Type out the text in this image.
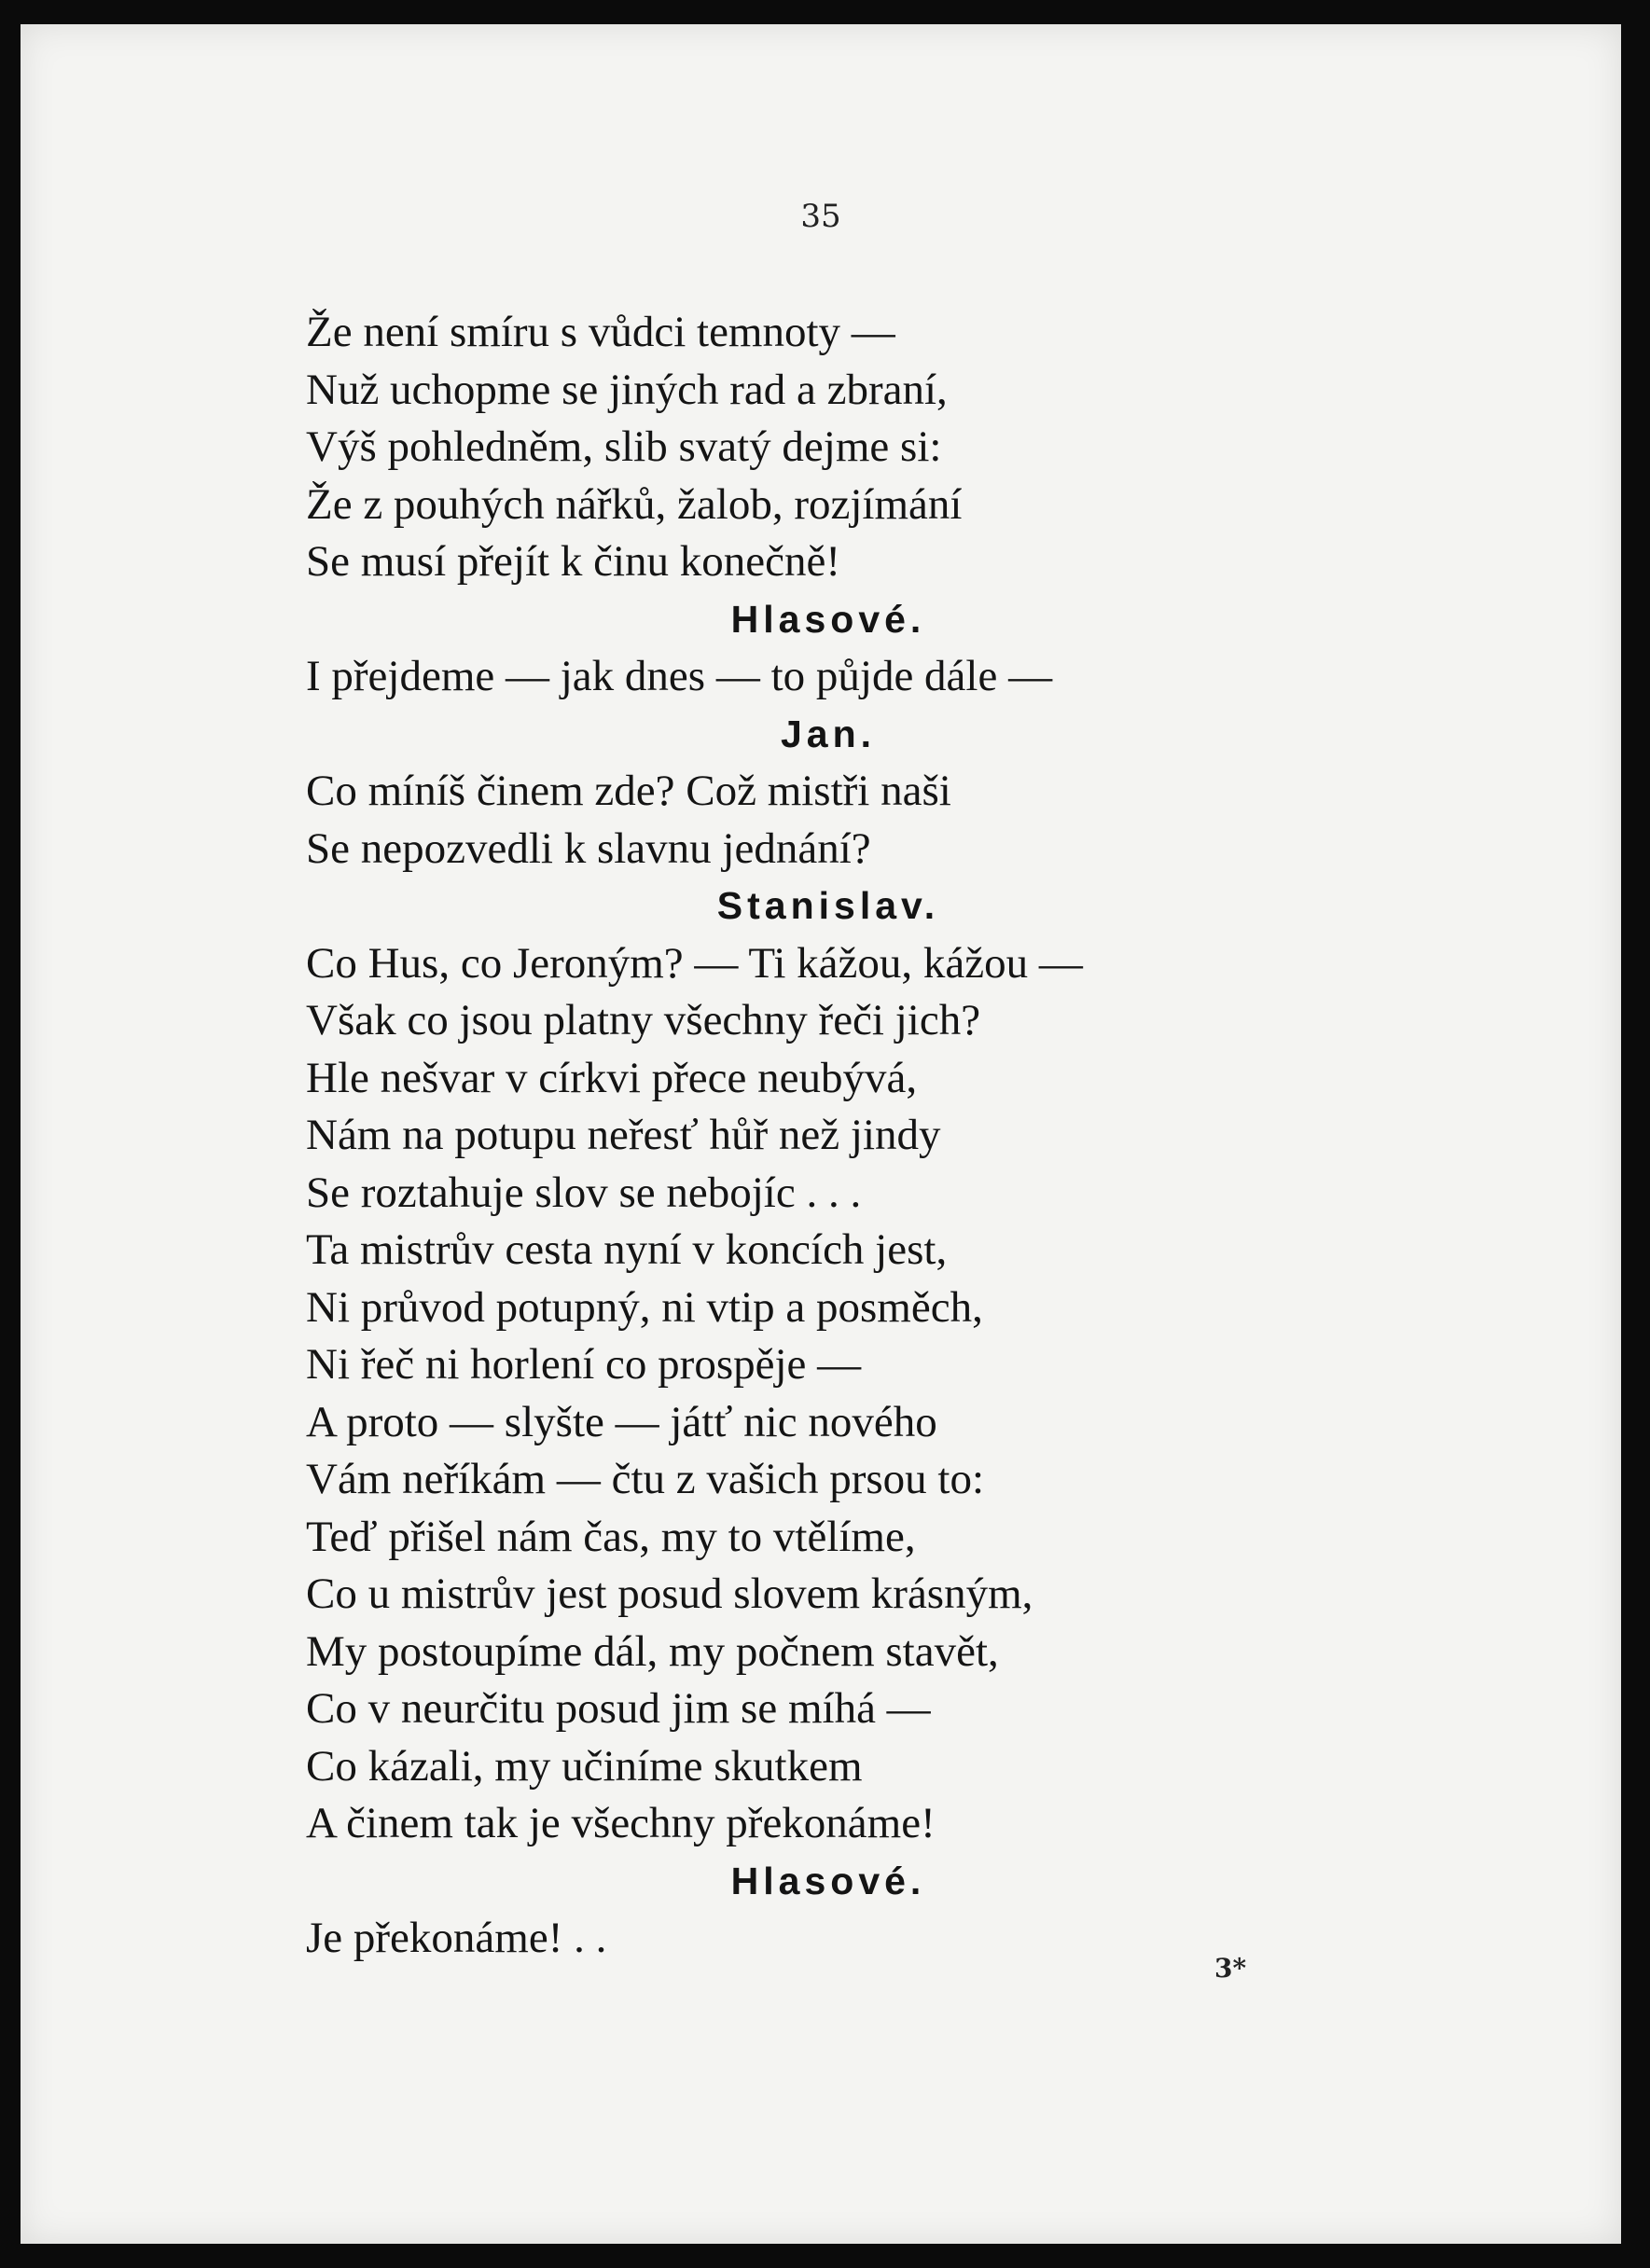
35
Že není smíru s vůdci temnoty —
Nuž uchopme se jiných rad a zbraní,
Výš pohledněm, slib svatý dejme si:
Že z pouhých nářků, žalob, rozjímání
Se musí přejít k činu konečně!
Hlasové.
I přejdeme — jak dnes — to půjde dále —
Jan.
Co míníš činem zde? Což mistři naši
Se nepozvedli k slavnu jednání?
Stanislav.
Co Hus, co Jeroným? — Ti kážou, kážou —
Však co jsou platny všechny řeči jich?
Hle nešvar v církvi přece neubývá,
Nám na potupu neřesť hůř než jindy
Se roztahuje slov se nebojíc . . .
Ta mistrův cesta nyní v koncích jest,
Ni průvod potupný, ni vtip a posměch,
Ni řeč ni horlení co prospěje —
A proto — slyšte — játť nic nového
Vám neříkám — čtu z vašich prsou to:
Teď přišel nám čas, my to vtělíme,
Co u mistrův jest posud slovem krásným,
My postoupíme dál, my počnem stavět,
Co v neurčitu posud jim se míhá —
Co kázali, my učiníme skutkem
A činem tak je všechny překonáme!
Hlasové.
Je překonáme! . .
3*
